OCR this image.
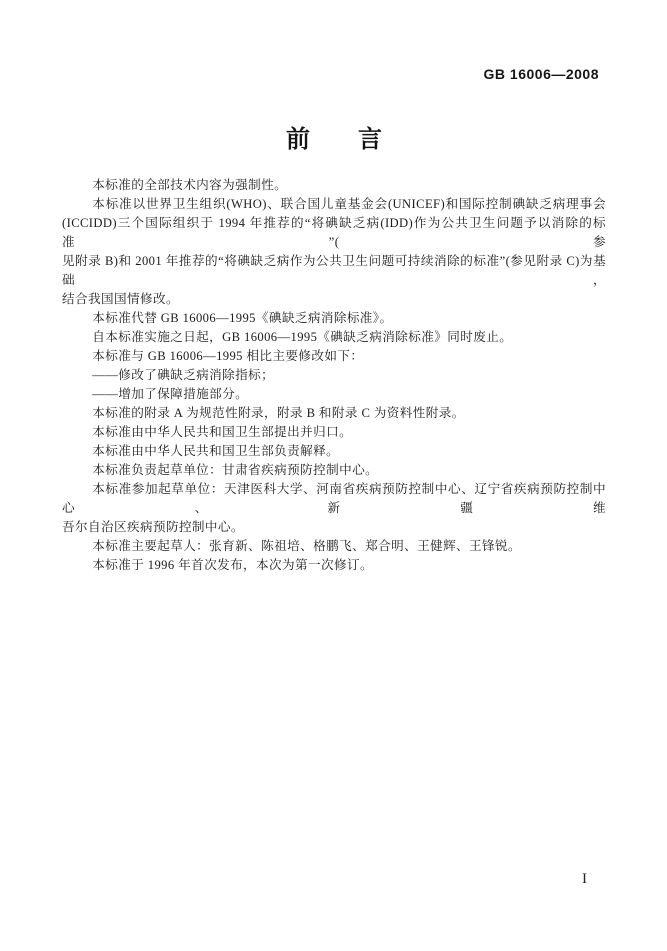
GB 16006—2008
前　　言
本标准的全部技术内容为强制性。
本标准以世界卫生组织(WHO)、联合国儿童基金会(UNICEF)和国际控制碘缺乏病理事会
(ICCIDD)三个国际组织于 1994 年推荐的“将碘缺乏病(IDD)作为公共卫生问题予以消除的标准”(参
见附录 B)和 2001 年推荐的“将碘缺乏病作为公共卫生问题可持续消除的标准”(参见附录 C)为基础，
结合我国国情修改。
本标准代替 GB 16006—1995《碘缺乏病消除标准》。
自本标准实施之日起，GB 16006—1995《碘缺乏病消除标准》同时废止。
本标准与 GB 16006—1995 相比主要修改如下：
——修改了碘缺乏病消除指标；
——增加了保障措施部分。
本标准的附录 A 为规范性附录，附录 B 和附录 C 为资料性附录。
本标准由中华人民共和国卫生部提出并归口。
本标准由中华人民共和国卫生部负责解释。
本标准负责起草单位：甘肃省疾病预防控制中心。
本标准参加起草单位：天津医科大学、河南省疾病预防控制中心、辽宁省疾病预防控制中心、新疆维
吾尔自治区疾病预防控制中心。
本标准主要起草人：张育新、陈祖培、格鹏飞、郑合明、王健辉、王锋锐。
本标准于 1996 年首次发布，本次为第一次修订。
I
